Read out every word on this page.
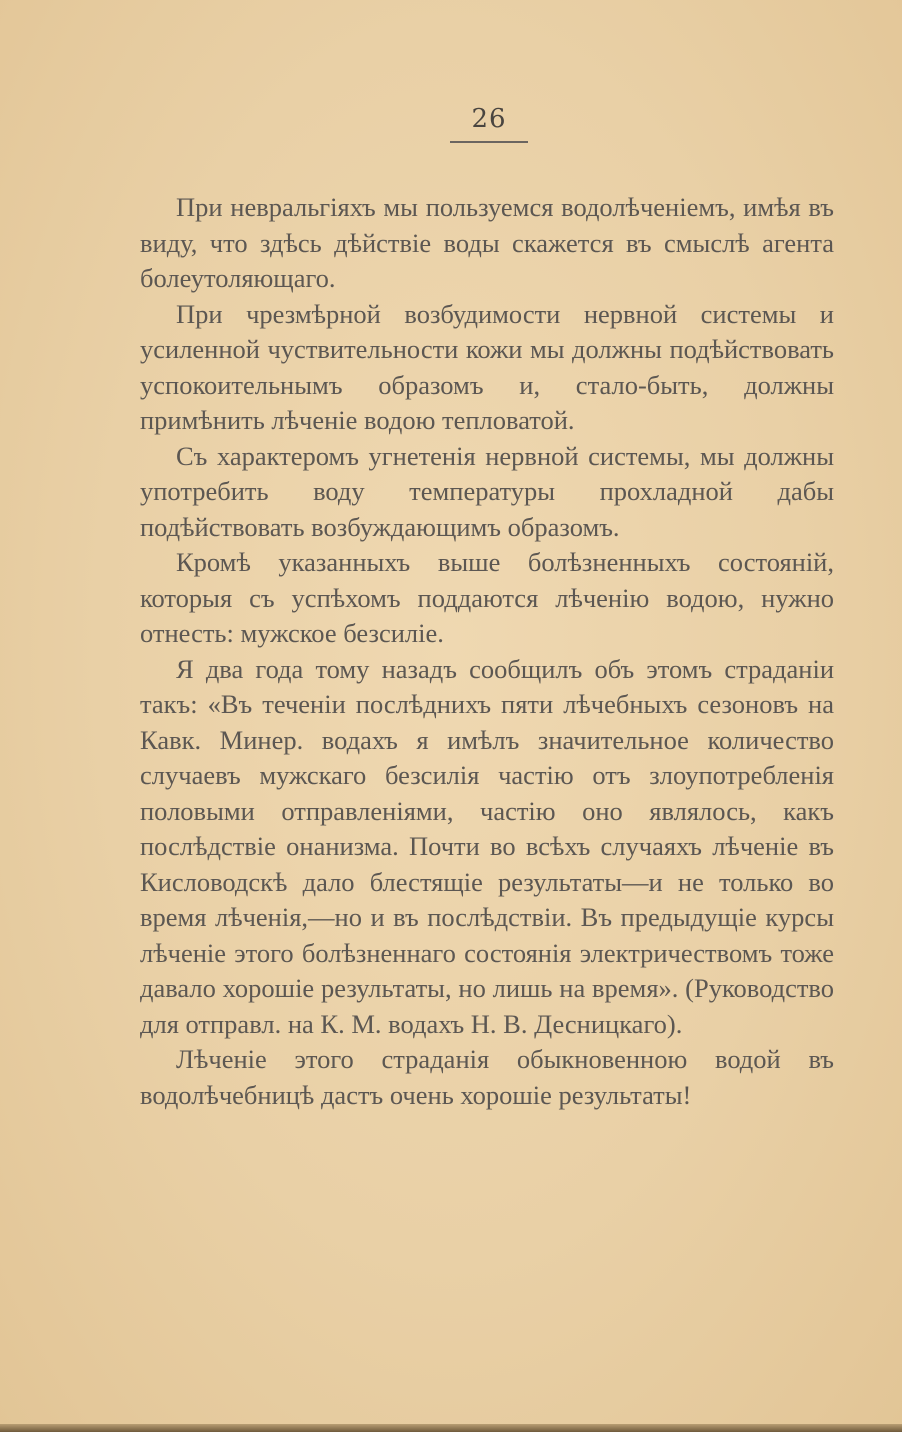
26

При невральгіяхъ мы пользуемся водолѣченіемъ, имѣя въ виду, что здѣсь дѣйствіе воды скажется въ смыслѣ агента болеутоляющаго.

При чрезмѣрной возбудимости нервной системы и усиленной чуствительности кожи мы должны подѣйствовать успокоительнымъ образомъ и, стало-быть, должны примѣнить лѣченіе водою тепловатой.

Съ характеромъ угнетенія нервной системы, мы должны употребить воду температуры прохладной дабы подѣйствовать возбуждающимъ образомъ.

Кромѣ указанныхъ выше болѣзненныхъ состояній, которыя съ успѣхомъ поддаются лѣченію водою, нужно отнесть: мужское безсиліе.

Я два года тому назадъ сообщилъ объ этомъ страданіи такъ: «Въ теченіи послѣднихъ пяти лѣчебныхъ сезоновъ на Кавк. Минер. водахъ я имѣлъ значительное количество случаевъ мужскаго безсилія частію отъ злоупотребленія половыми отправленіями, частію оно являлось, какъ послѣдствіе онанизма. Почти во всѣхъ случаяхъ лѣченіе въ Кисловодскѣ дало блестящіе результаты—и не только во время лѣченія,—но и въ послѣдствіи. Въ предыдущіе курсы лѣченіе этого болѣзненнаго состоянія электричествомъ тоже давало хорошіе результаты, но лишь на время». (Руководство для отправл. на К. М. водахъ Н. В. Десницкаго).

Лѣченіе этого страданія обыкновенною водой въ водолѣчебницѣ дастъ очень хорошіе результаты!
